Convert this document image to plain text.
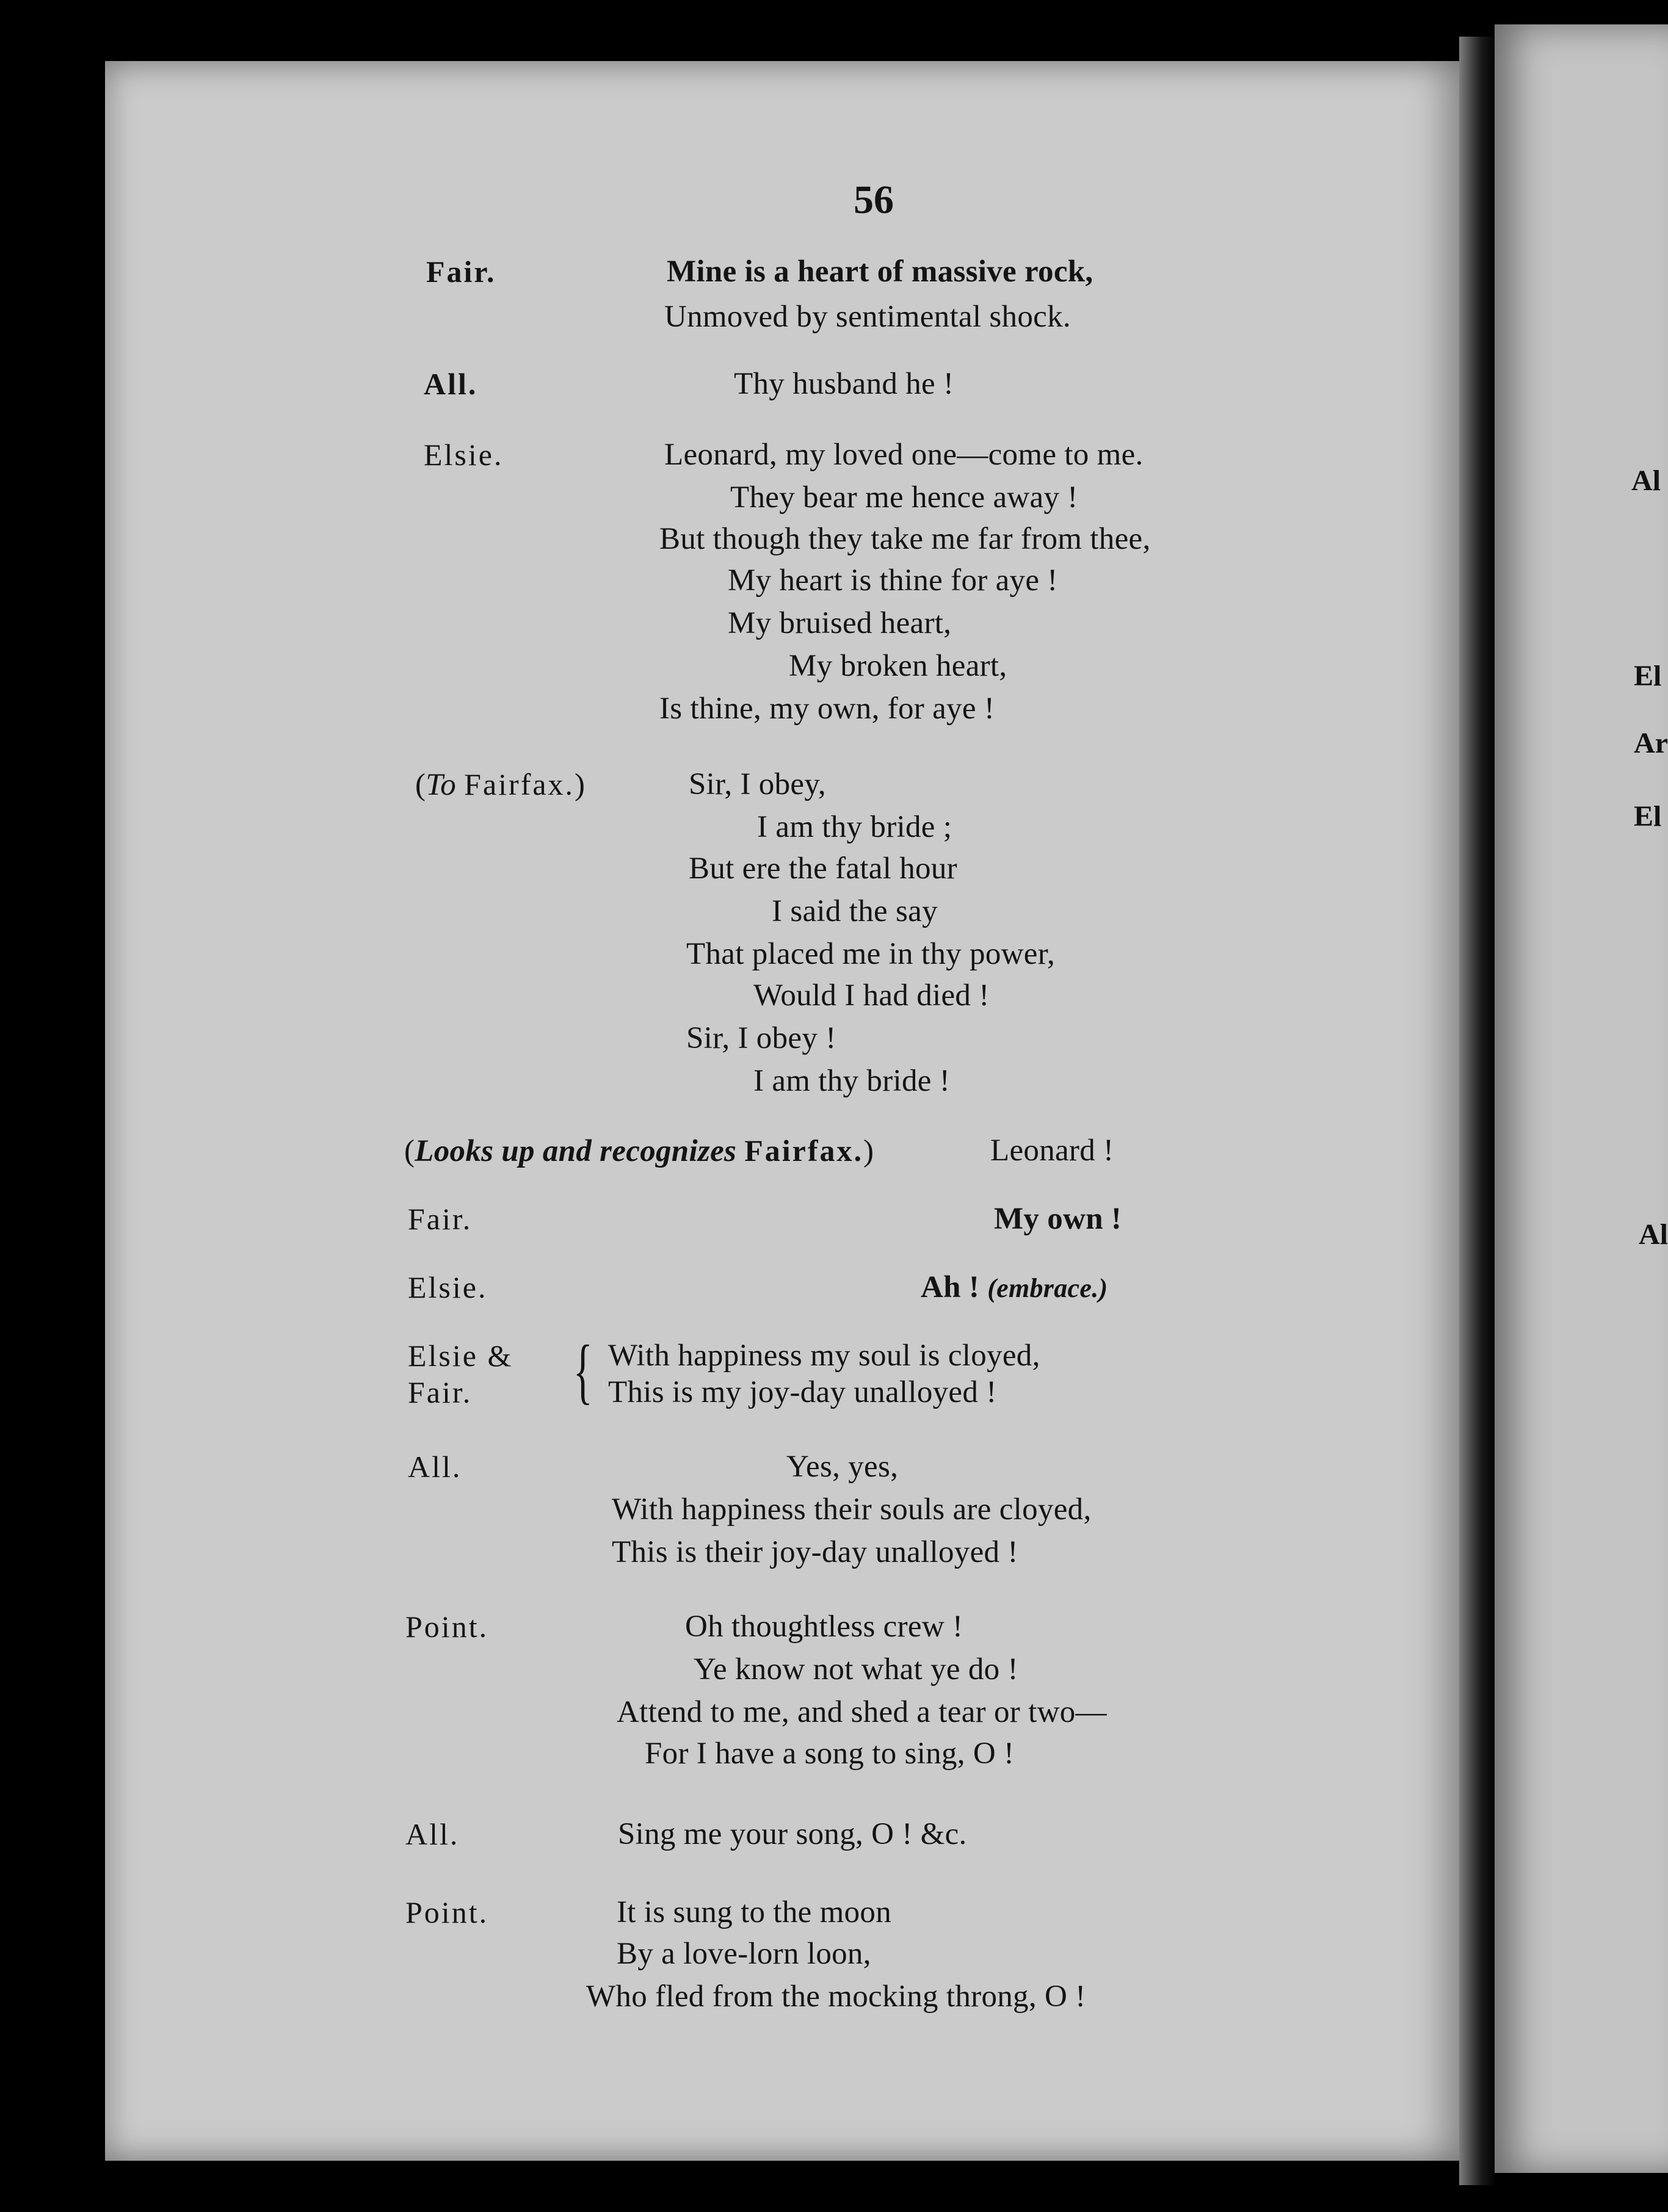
Al
El
Ar
El
Al
56
Fair.	Mine is a heart of massive rock,
Unmoved by sentimental shock.
All.	Thy husband he !
Elsie.	Leonard, my loved one—come to me.
They bear me hence away !
But though they take me far from thee,
My heart is thine for aye !
My bruised heart,
My broken heart,
Is thine, my own, for aye !
(To Fairfax.)	Sir, I obey,
I am thy bride ;
But ere the fatal hour
I said the say
That placed me in thy power,
Would I had died !
Sir, I obey !
I am thy bride !
(Looks up and recognizes Fairfax.)	Leonard !
Fair.	My own !
Elsie.	Ah ! (embrace.)
Elsie &
Fair. { With happiness my soul is cloyed,
This is my joy-day unalloyed !
All.	Yes, yes,
With happiness their souls are cloyed,
This is their joy-day unalloyed !
Point.	Oh thoughtless crew !
Ye know not what ye do !
Attend to me, and shed a tear or two—
For I have a song to sing, O !
All.	Sing me your song, O ! &c.
Point.	It is sung to the moon
By a love-lorn loon,
Who fled from the mocking throng, O !
